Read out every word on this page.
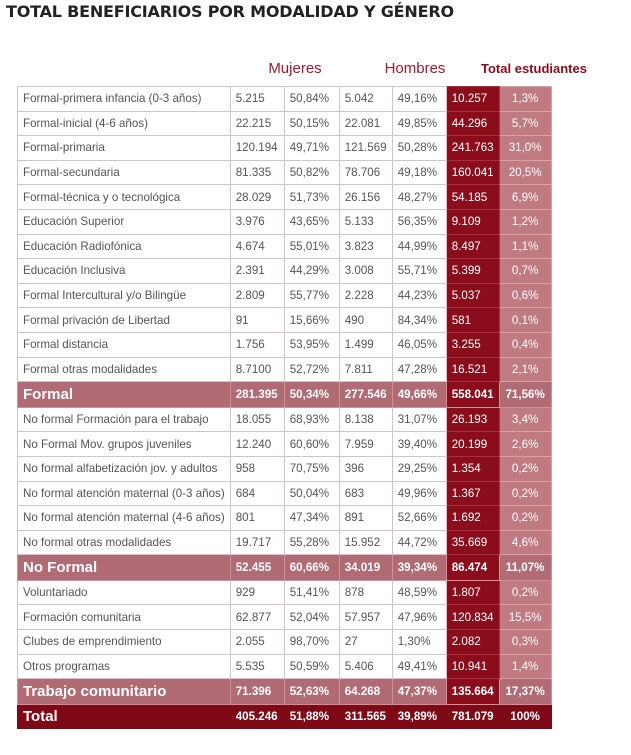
TOTAL BENEFICIARIOS POR MODALIDAD Y GÉNERO
Mujeres	Hombres	Total estudiantes
Formal-primera infancia (0-3 años)	5.215	50,84%	5.042	49,16%	10.257	1,3%
Formal-inicial (4-6 años)	22.215	50,15%	22.081	49,85%	44.296	5,7%
Formal-primaria	120.194	49,71%	121.569	50,28%	241.763	31,0%
Formal-secundaria	81.335	50,82%	78.706	49,18%	160.041	20,5%
Formal-técnica y o tecnológica	28.029	51,73%	26.156	48,27%	54.185	6,9%
Educación Superior	3.976	43,65%	5.133	56,35%	9.109	1,2%
Educación Radiofónica	4.674	55,01%	3.823	44,99%	8.497	1,1%
Educación Inclusiva	2.391	44,29%	3.008	55,71%	5.399	0,7%
Formal Intercultural y/o Bilingüe	2.809	55,77%	2.228	44,23%	5.037	0,6%
Formal privación de Libertad	91	15,66%	490	84,34%	581	0,1%
Formal distancia	1.756	53,95%	1.499	46,05%	3.255	0,4%
Formal otras modalidades	8.7100	52,72%	7.811	47,28%	16.521	2,1%
Formal	281.395	50,34%	277.546	49,66%	558.041	71,56%
No formal Formación para el trabajo	18.055	68,93%	8.138	31,07%	26.193	3,4%
No Formal Mov. grupos juveniles	12.240	60,60%	7.959	39,40%	20.199	2,6%
No formal alfabetización jov. y adultos	958	70,75%	396	29,25%	1.354	0,2%
No formal atención maternal (0-3 años)	684	50,04%	683	49,96%	1.367	0,2%
No formal atención maternal (4-6 años)	801	47,34%	891	52,66%	1.692	0,2%
No formal otras modalidades	19.717	55,28%	15.952	44,72%	35.669	4,6%
No Formal	52.455	60,66%	34.019	39,34%	86.474	11,07%
Voluntariado	929	51,41%	878	48,59%	1.807	0,2%
Formación comunitaria	62.877	52,04%	57.957	47,96%	120.834	15,5%
Clubes de emprendimiento	2.055	98,70%	27	1,30%	2.082	0,3%
Otros programas	5.535	50,59%	5.406	49,41%	10.941	1,4%
Trabajo comunitario	71.396	52,63%	64.268	47,37%	135.664	17,37%
Total	405.246	51,88%	311.565	39,89%	781.079	100%
